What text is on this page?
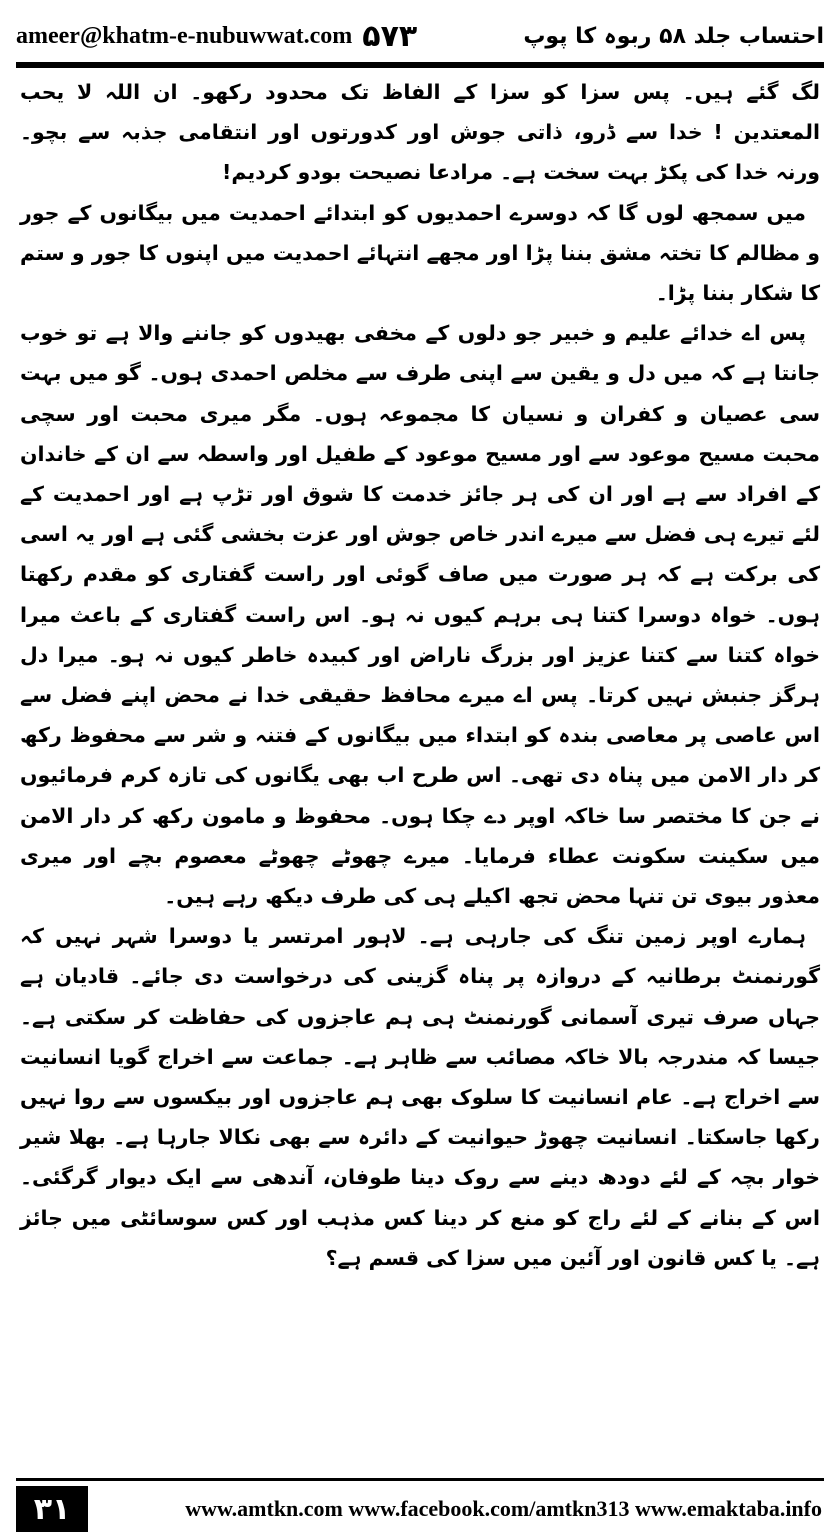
ameer@khatm-e-nubuwwat.com ۵۷۳	احتساب جلد ۵۸ ربوہ کا پوپ

لگ گئے ہیں۔ پس سزا کو سزا کے الفاظ تک محدود رکھو۔ ان اللہ لا یحب المعتدین ! خدا سے ڈرو، ذاتی جوش اور کدورتوں اور انتقامی جذبہ سے بچو۔ ورنہ خدا کی پکڑ بہت سخت ہے۔ مرادعا نصیحت بودو کردیم!

میں سمجھ لوں گا کہ دوسرے احمدیوں کو ابتدائے احمدیت میں بیگانوں کے جور و مظالم کا تختہ مشق بننا پڑا اور مجھے انتہائے احمدیت میں اپنوں کا جور و ستم کا شکار بننا پڑا۔

پس اے خدائے علیم و خبیر جو دلوں کے مخفی بھیدوں کو جاننے والا ہے تو خوب جانتا ہے کہ میں دل و یقین سے اپنی طرف سے مخلص احمدی ہوں۔ گو میں بہت سی عصیان و کفران و نسیان کا مجموعہ ہوں۔ مگر میری محبت اور سچی محبت مسیح موعود سے اور مسیح موعود کے طفیل اور واسطہ سے ان کے خاندان کے افراد سے ہے اور ان کی ہر جائز خدمت کا شوق اور تڑپ ہے اور احمدیت کے لئے تیرے ہی فضل سے میرے اندر خاص جوش اور عزت بخشی گئی ہے اور یہ اسی کی برکت ہے کہ ہر صورت میں صاف گوئی اور راست گفتاری کو مقدم رکھتا ہوں۔ خواہ دوسرا کتنا ہی برہم کیوں نہ ہو۔ اس راست گفتاری کے باعث میرا خواہ کتنا سے کتنا عزیز اور بزرگ ناراض اور کبیدہ خاطر کیوں نہ ہو۔ میرا دل ہرگز جنبش نہیں کرتا۔ پس اے میرے محافظ حقیقی خدا نے محض اپنے فضل سے اس عاصی پر معاصی بندہ کو ابتداء میں بیگانوں کے فتنہ و شر سے محفوظ رکھ کر دار الامن میں پناہ دی تھی۔ اس طرح اب بھی یگانوں کی تازہ کرم فرمائیوں نے جن کا مختصر سا خاکہ اوپر دے چکا ہوں۔ محفوظ و مامون رکھ کر دار الامن میں سکینت سکونت عطاء فرمایا۔ میرے چھوٹے چھوٹے معصوم بچے اور میری معذور بیوی تن تنہا محض تجھ اکیلے ہی کی طرف دیکھ رہے ہیں۔

ہمارے اوپر زمین تنگ کی جارہی ہے۔ لاہور امرتسر یا دوسرا شہر نہیں کہ گورنمنٹ برطانیہ کے دروازہ پر پناہ گزینی کی درخواست دی جائے۔ قادیان ہے جہاں صرف تیری آسمانی گورنمنٹ ہی ہم عاجزوں کی حفاظت کر سکتی ہے۔ جیسا کہ مندرجہ بالا خاکہ مصائب سے ظاہر ہے۔ جماعت سے اخراج گویا انسانیت سے اخراج ہے۔ عام انسانیت کا سلوک بھی ہم عاجزوں اور بیکسوں سے روا نہیں رکھا جاسکتا۔ انسانیت چھوڑ حیوانیت کے دائرہ سے بھی نکالا جارہا ہے۔ بھلا شیر خوار بچہ کے لئے دودھ دینے سے روک دینا طوفان، آندھی سے ایک دیوار گرگئی۔ اس کے بنانے کے لئے راج کو منع کر دینا کس مذہب اور کس سوسائٹی میں جائز ہے۔ یا کس قانون اور آئین میں سزا کی قسم ہے؟

۳۱	www.amtkn.com www.facebook.com/amtkn313 www.emaktaba.info
